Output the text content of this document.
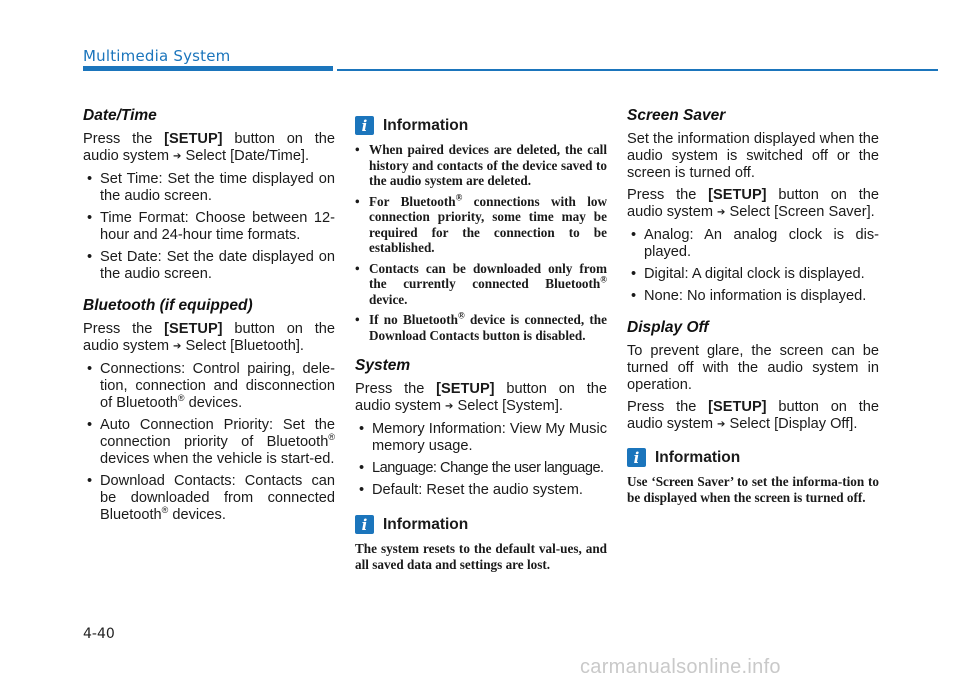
Multimedia System
Date/Time

Press the [SETUP] button on the audio system ➔ Select [Date/Time].

• Set Time: Set the time displayed on the audio screen.
• Time Format: Choose between 12-hour and 24-hour time formats.
• Set Date: Set the date displayed on the audio screen.
Bluetooth (if equipped)

Press the [SETUP] button on the audio system ➔ Select [Bluetooth].

• Connections: Control pairing, dele-tion, connection and disconnection of Bluetooth® devices.
• Auto Connection Priority: Set the connection priority of Bluetooth® devices when the vehicle is start-ed.
• Download Contacts: Contacts can be downloaded from connected Bluetooth® devices.
i	Information
• When paired devices are deleted, the call history and contacts of the device saved to the audio system are deleted.
• For Bluetooth® connections with low connection priority, some time may be required for the connection to be established.
• Contacts can be downloaded only from the currently connected Bluetooth® device.
• If no Bluetooth® device is connected, the Download Contacts button is disabled.
System

Press the [SETUP] button on the audio system ➔ Select [System].

• Memory Information: View My Music memory usage.
• Language: Change the user language.
• Default: Reset the audio system.
i	Information

The system resets to the default val-ues, and all saved data and settings are lost.

Screen Saver

Set the information displayed when the audio system is switched off or the screen is turned off.

Press the [SETUP] button on the audio system ➔ Select [Screen Saver].

• Analog: An analog clock is dis-played.
• Digital: A digital clock is displayed.
• None: No information is displayed.
Display Off

To prevent glare, the screen can be turned off with the audio system in operation.

Press the [SETUP] button on the audio system ➔ Select [Display Off].

i	Information

Use ‘Screen Saver’ to set the informa-tion to be displayed when the screen is turned off.

4-40
carmanualsonline.info
